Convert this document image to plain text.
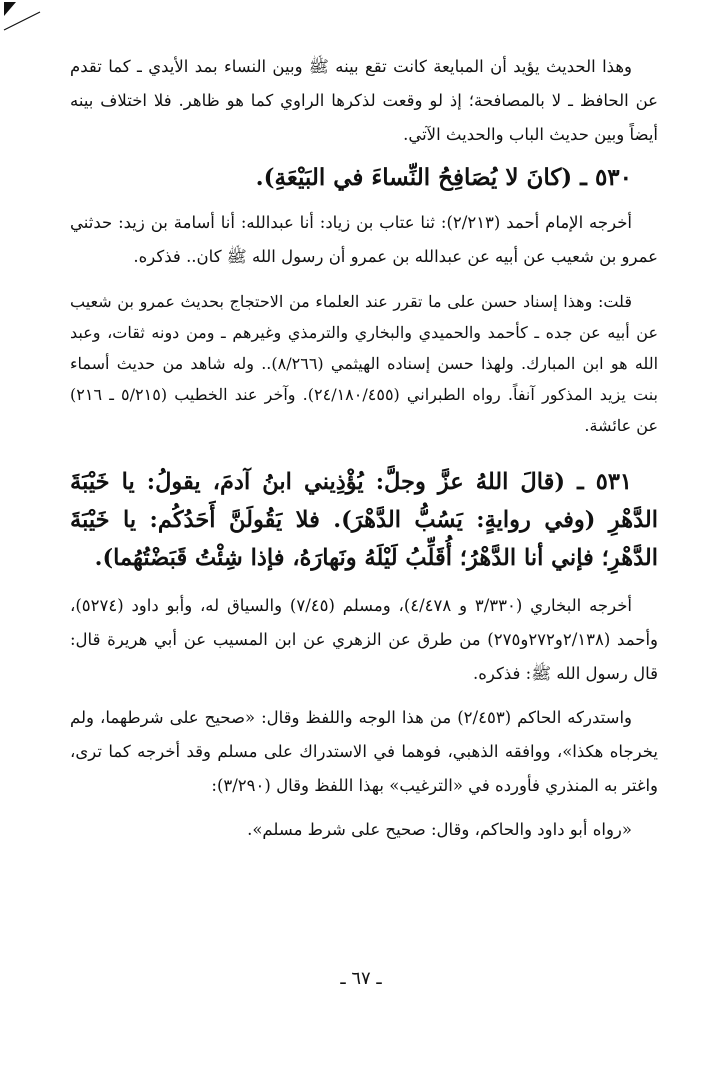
وهذا الحديث يؤيد أن المبايعة كانت تقع بينه ﷺ وبين النساء بمد الأيدي ـ كما تقدم عن الحافظ ـ لا بالمصافحة؛ إذ لو وقعت لذكرها الراوي كما هو ظاهر. فلا اختلاف بينه أيضاً وبين حديث الباب والحديث الآتي.

٥٣٠ ـ (كانَ لا يُصَافِحُ النِّساءَ في البَيْعَةِ).

أخرجه الإمام أحمد (٢/٢١٣): ثنا عتاب بن زياد: أنا عبدالله: أنا أسامة بن زيد: حدثني عمرو بن شعيب عن أبيه عن عبدالله بن عمرو أن رسول الله ﷺ كان.. فذكره.

قلت: وهذا إسناد حسن على ما تقرر عند العلماء من الاحتجاج بحديث عمرو بن شعيب عن أبيه عن جده ـ كأحمد والحميدي والبخاري والترمذي وغيرهم ـ ومن دونه ثقات، وعبد الله هو ابن المبارك. ولهذا حسن إسناده الهيثمي (٨/٢٦٦).. وله شاهد من حديث أسماء بنت يزيد المذكور آنفاً. رواه الطبراني (٢٤/١٨٠/٤٥٥). وآخر عند الخطيب (٥/٢١٥ ـ ٢١٦) عن عائشة.

٥٣١ ـ (قالَ اللهُ عزَّ وجلَّ: يُؤْذِيني ابنُ آدمَ، يقولُ: يا خَيْبَةَ الدَّهْرِ (وفي روايةٍ: يَسُبُّ الدَّهْرَ). فلا يَقُولَنَّ أَحَدُكُم: يا خَيْبَةَ الدَّهْرِ؛ فإني أنا الدَّهْرُ؛ أُقَلِّبُ لَيْلَهُ ونَهارَهُ، فإذا شِئْتُ قَبَضْتُهُما).

أخرجه البخاري (٣/٣٣٠ و ٤/٤٧٨)، ومسلم (٧/٤٥) والسياق له، وأبو داود (٥٢٧٤)، وأحمد (٢/١٣٨و٢٧٢و٢٧٥) من طرق عن الزهري عن ابن المسيب عن أبي هريرة قال: قال رسول الله ﷺ: فذكره.

واستدركه الحاكم (٢/٤٥٣) من هذا الوجه واللفظ وقال: «صحيح على شرطهما، ولم يخرجاه هكذا»، ووافقه الذهبي، فوهما في الاستدراك على مسلم وقد أخرجه كما ترى، واغتر به المنذري فأورده في «الترغيب» بهذا اللفظ وقال (٣/٢٩٠):

«رواه أبو داود والحاكم، وقال: صحيح على شرط مسلم».

ـ ٦٧ ـ
